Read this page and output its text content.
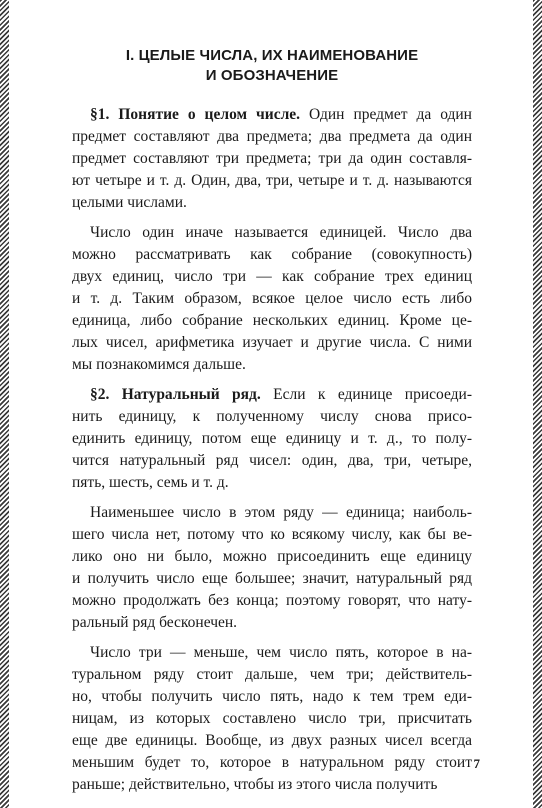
I. ЦЕЛЫЕ ЧИСЛА, ИХ НАИМЕНОВАНИЕ
И ОБОЗНАЧЕНИЕ

§1. Понятие о целом числе. Один предмет да один
предмет составляют два предмета; два предмета да один
предмет составляют три предмета; три да один составля-
ют четыре и т. д. Один, два, три, четыре и т. д. называются
целыми числами.

Число один иначе называется единицей. Число два
можно рассматривать как собрание (совокупность)
двух единиц, число три — как собрание трех единиц
и т. д. Таким образом, всякое целое число есть либо
единица, либо собрание нескольких единиц. Кроме це-
лых чисел, арифметика изучает и другие числа. С ними
мы познакомимся дальше.

§2. Натуральный ряд. Если к единице присоеди-
нить единицу, к полученному числу снова присо-
единить единицу, потом еще единицу и т. д., то полу-
чится натуральный ряд чисел: один, два, три, четыре,
пять, шесть, семь и т. д.

Наименьшее число в этом ряду — единица; наиболь-
шего числа нет, потому что ко всякому числу, как бы ве-
лико оно ни было, можно присоединить еще единицу
и получить число еще большее; значит, натуральный ряд
можно продолжать без конца; поэтому говорят, что нату-
ральный ряд бесконечен.

Число три — меньше, чем число пять, которое в на-
туральном ряду стоит дальше, чем три; действитель-
но, чтобы получить число пять, надо к тем трем еди-
ницам, из которых составлено число три, присчитать
еще две единицы. Вообще, из двух разных чисел всегда
меньшим будет то, которое в натуральном ряду стоит
раньше; действительно, чтобы из этого числа получить

7
